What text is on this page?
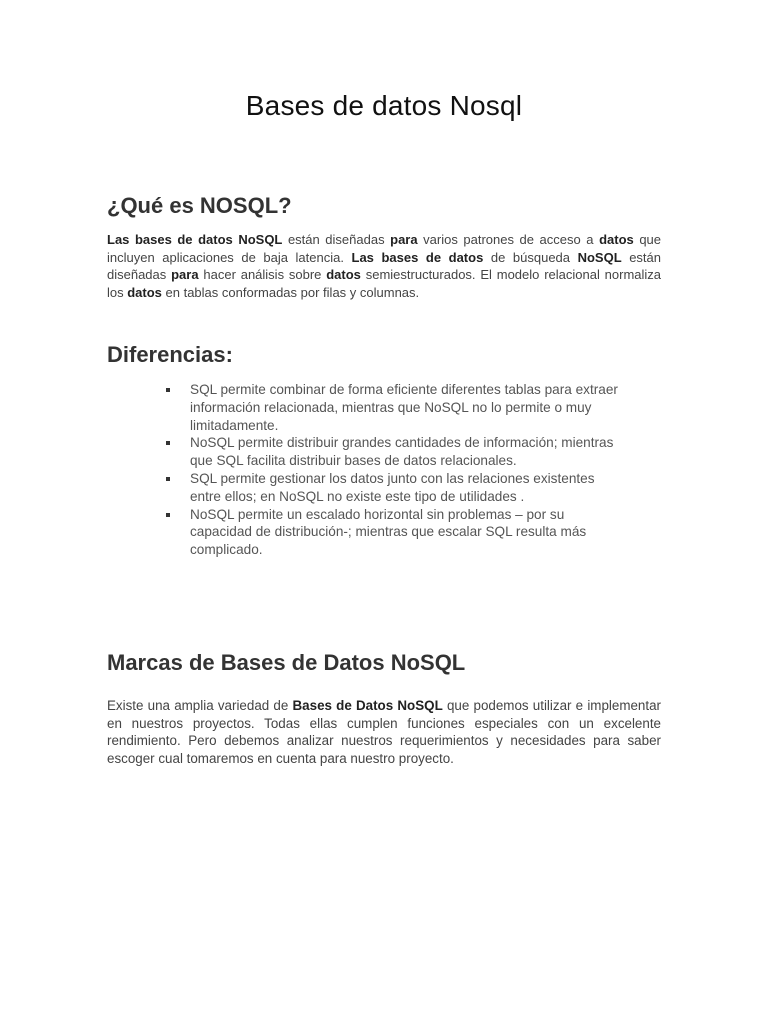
Bases de datos Nosql
¿Qué es NOSQL?

Las bases de datos NoSQL están diseñadas para varios patrones de acceso a datos que incluyen aplicaciones de baja latencia. Las bases de datos de búsqueda NoSQL están diseñadas para hacer análisis sobre datos semiestructurados. El modelo relacional normaliza los datos en tablas conformadas por filas y columnas.

Diferencias:
SQL permite combinar de forma eficiente diferentes tablas para extraer información relacionada, mientras que NoSQL no lo permite o muy limitadamente.
NoSQL permite distribuir grandes cantidades de información; mientras que SQL facilita distribuir bases de datos relacionales.
SQL permite gestionar los datos junto con las relaciones existentes entre ellos; en NoSQL no existe este tipo de utilidades .
NoSQL permite un escalado horizontal sin problemas – por su capacidad de distribución-; mientras que escalar SQL resulta más complicado.
Marcas de Bases de Datos NoSQL

Existe una amplia variedad de Bases de Datos NoSQL que podemos utilizar e implementar en nuestros proyectos. Todas ellas cumplen funciones especiales con un excelente rendimiento. Pero debemos analizar nuestros requerimientos y necesidades para saber escoger cual tomaremos en cuenta para nuestro proyecto.
